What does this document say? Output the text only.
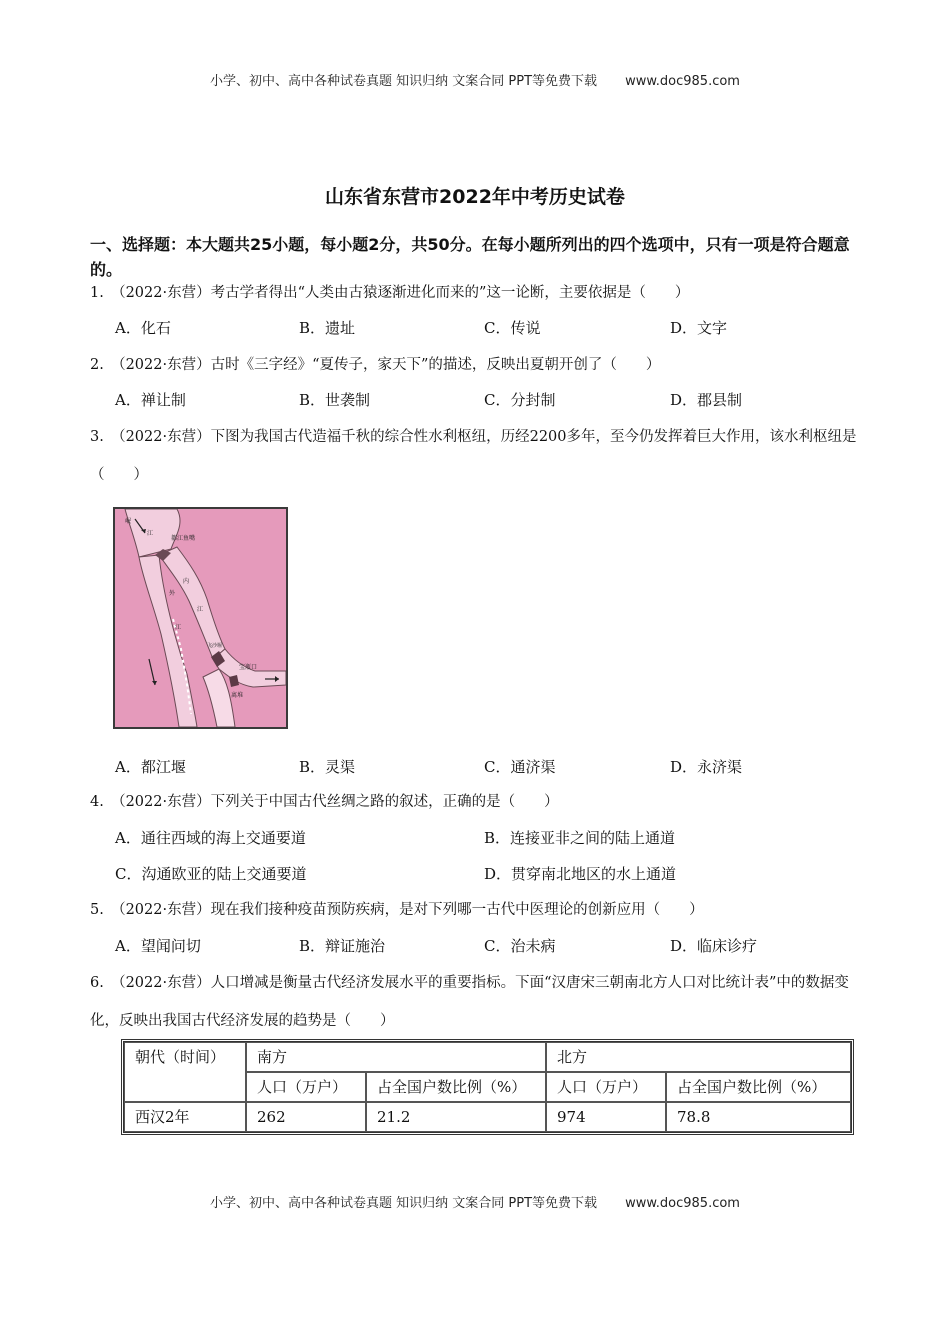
小学、初中、高中各种试卷真题 知识归纳 文案合同 PPT等免费下载 www.doc985.com
山东省东营市2022年中考历史试卷
一、选择题：本大题共25小题，每小题2分，共50分。在每小题所列出的四个选项中，只有一项是符合题意的。
1.　（2022·东营）考古学者得出“人类由古猿逐渐进化而来的”这一论断，主要依据是（　　）
A．化石	B．遗址	C．传说	D．文字
2.　（2022·东营）古时《三字经》“夏传子，家天下”的描述，反映出夏朝开创了（　　）
A．禅让制	B．世袭制	C．分封制	D．郡县制
3.　（2022·东营）下图为我国古代造福千秋的综合性水利枢纽，历经2200多年，至今仍发挥着巨大作用，该水利枢纽是（　　）
岷
江
都江鱼嘴
外
内
江
江
飞沙堰
宝瓶口
离堆
A．都江堰	B．灵渠	C．通济渠	D．永济渠
4.　（2022·东营）下列关于中国古代丝绸之路的叙述，正确的是（　　）
A．通往西域的海上交通要道	B．连接亚非之间的陆上通道
C．沟通欧亚的陆上交通要道	D．贯穿南北地区的水上通道
5.　（2022·东营）现在我们接种疫苗预防疾病，是对下列哪一古代中医理论的创新应用（　　）
A．望闻问切	B．辩证施治	C．治未病	D．临床诊疗
6.　（2022·东营）人口增减是衡量古代经济发展水平的重要指标。下面“汉唐宋三朝南北方人口对比统计表”中的数据变化，反映出我国古代经济发展的趋势是（　　）
朝代（时间）	南方		北方	
	人口（万户）	占全国户数比例（%）	人口（万户）	占全国户数比例（%）
西汉2年	262	21.2	974	78.8
小学、初中、高中各种试卷真题 知识归纳 文案合同 PPT等免费下载 www.doc985.com
